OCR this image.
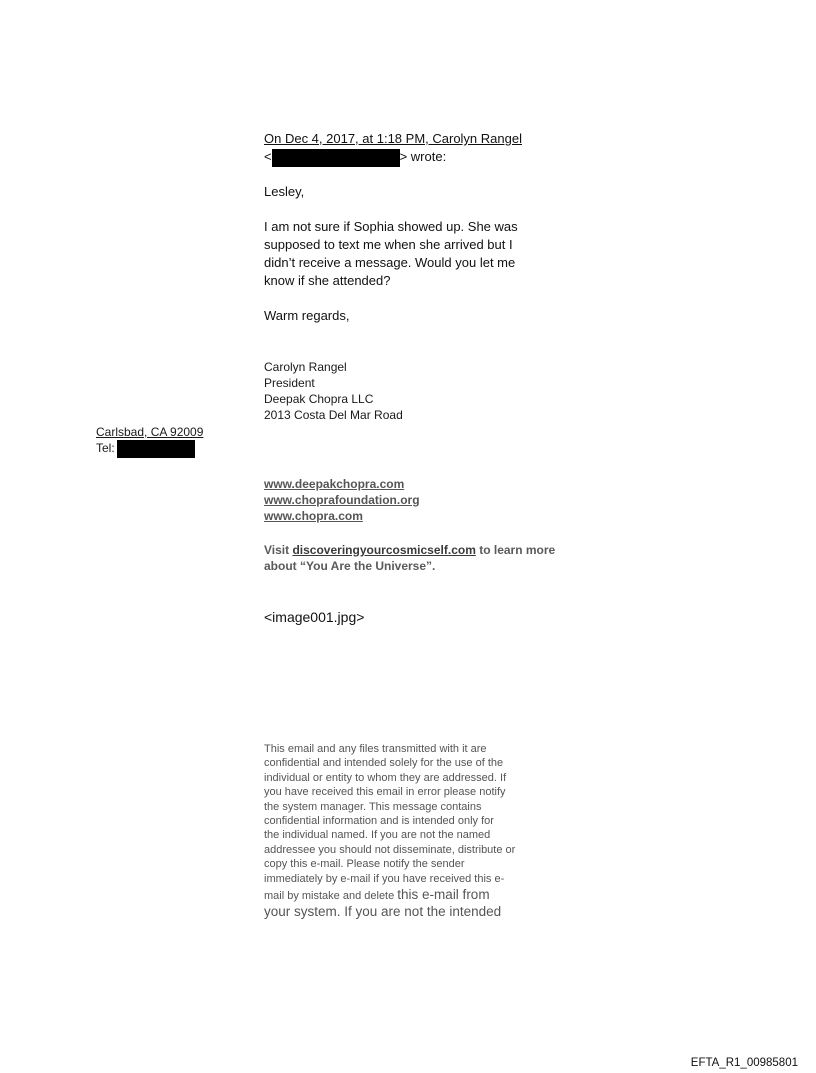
On Dec 4, 2017, at 1:18 PM, Carolyn Rangel

<	> wrote:

Lesley,

I am not sure if Sophia showed up. She was

supposed to text me when she arrived but I

didn’t receive a message. Would you let me

know if she attended?

Warm regards,

Carolyn Rangel

President

Deepak Chopra LLC

2013 Costa Del Mar Road

Carlsbad, CA 92009

Tel:

www.deepakchopra.com
www.choprafoundation.org
www.chopra.com

Visit discoveringyourcosmicself.com to learn more

about “You Are the Universe”.

<image001.jpg>

This email and any files transmitted with it are

confidential and intended solely for the use of the

individual or entity to whom they are addressed. If

you have received this email in error please notify

the system manager. This message contains

confidential information and is intended only for

the individual named. If you are not the named

addressee you should not disseminate, distribute or

copy this e-mail. Please notify the sender

immediately by e-mail if you have received this e-

mail by mistake and delete this e-mail from

your system. If you are not the intended

EFTA_R1_00985801
